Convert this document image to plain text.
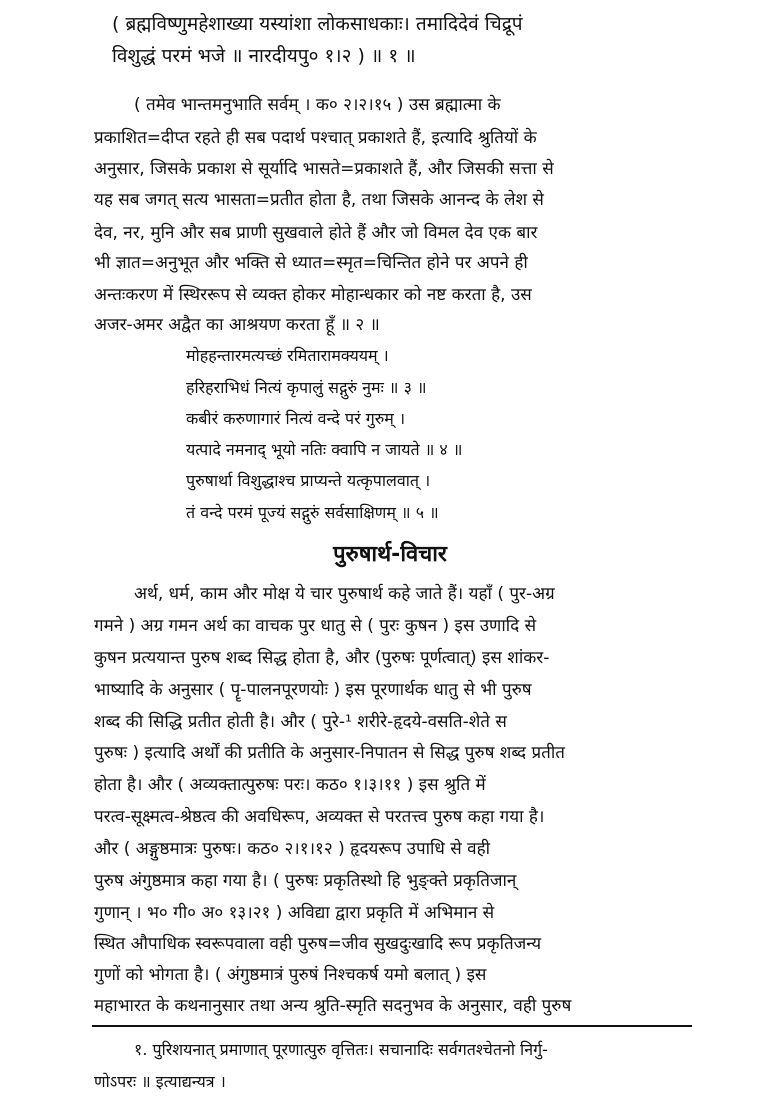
( ब्रह्मविष्णुमहेशाख्या यस्यांशा लोकसाधकाः। तमादिदेवं चिद्रूपं
विशुद्धं परमं भजे ॥ नारदीयपु० १।२ ) ॥ १ ॥
( तमेव भान्तमनुभाति सर्वम् । क० २।२।१५ ) उस ब्रह्मात्मा के
प्रकाशित=दीप्त रहते ही सब पदार्थ पश्चात् प्रकाशते हैं, इत्यादि श्रुतियों के
अनुसार, जिसके प्रकाश से सूर्यादि भासते=प्रकाशते हैं, और जिसकी सत्ता से
यह सब जगत् सत्य भासता=प्रतीत होता है, तथा जिसके आनन्द के लेश से
देव, नर, मुनि और सब प्राणी सुखवाले होते हैं और जो विमल देव एक बार
भी ज्ञात=अनुभूत और भक्ति से ध्यात=स्मृत=चिन्तित होने पर अपने ही
अन्तःकरण में स्थिररूप से व्यक्त होकर मोहान्धकार को नष्ट करता है, उस
अजर-अमर अद्वैत का आश्रयण करता हूँ ॥ २ ॥
मोहहन्तारमत्यच्छं रमितारामक्ययम् ।
हरिहराभिधं नित्यं कृपालुं सद्गुरुं नुमः ॥ ३ ॥
कबीरं करुणागारं नित्यं वन्दे परं गुरुम् ।
यत्पादे नमनाद् भूयो नतिः क्वापि न जायते ॥ ४ ॥
पुरुषार्था विशुद्धाश्च प्राप्यन्ते यत्कृपालवात् ।
तं वन्दे परमं पूज्यं सद्गुरुं सर्वसाक्षिणम् ॥ ५ ॥
पुरुषार्थ-विचार
अर्थ, धर्म, काम और मोक्ष ये चार पुरुषार्थ कहे जाते हैं। यहाँ ( पुर-अग्र
गमने ) अग्र गमन अर्थ का वाचक पुर धातु से ( पुरः कुषन ) इस उणादि से
कुषन प्रत्ययान्त पुरुष शब्द सिद्ध होता है, और (पुरुषः पूर्णत्वात्) इस शांकर-
भाष्यादि के अनुसार ( पॄ-पालनपूरणयोः ) इस पूरणार्थक धातु से भी पुरुष
शब्द की सिद्धि प्रतीत होती है। और ( पुरे-¹ शरीरे-हृदये-वसति-शेते स
पुरुषः ) इत्यादि अर्थों की प्रतीति के अनुसार-निपातन से सिद्ध पुरुष शब्द प्रतीत
होता है। और ( अव्यक्तात्पुरुषः परः। कठ० १।३।११ ) इस श्रुति में
परत्व-सूक्ष्मत्व-श्रेष्ठत्व की अवधिरूप, अव्यक्त से परतत्त्व पुरुष कहा गया है।
और ( अङ्गुष्ठमात्रः पुरुषः। कठ० २।१।१२ ) हृदयरूप उपाधि से वही
पुरुष अंगुष्ठमात्र कहा गया है। ( पुरुषः प्रकृतिस्थो हि भुङ्क्ते प्रकृतिजान्
गुणान् । भ० गी० अ० १३।२१ ) अविद्या द्वारा प्रकृति में अभिमान से
स्थित औपाधिक स्वरूपवाला वही पुरुष=जीव सुखदुःखादि रूप प्रकृतिजन्य
गुणों को भोगता है। ( अंगुष्ठमात्रं पुरुषं निश्चकर्ष यमो बलात् ) इस
महाभारत के कथनानुसार तथा अन्य श्रुति-स्मृति सदनुभव के अनुसार, वही पुरुष
१. पुरिशयनात् प्रमाणात् पूरणात्पुरु वृत्तितः। सचानादिः सर्वगतश्चेतनो निर्गु-
णोऽपरः ॥ इत्याद्यन्यत्र ।
